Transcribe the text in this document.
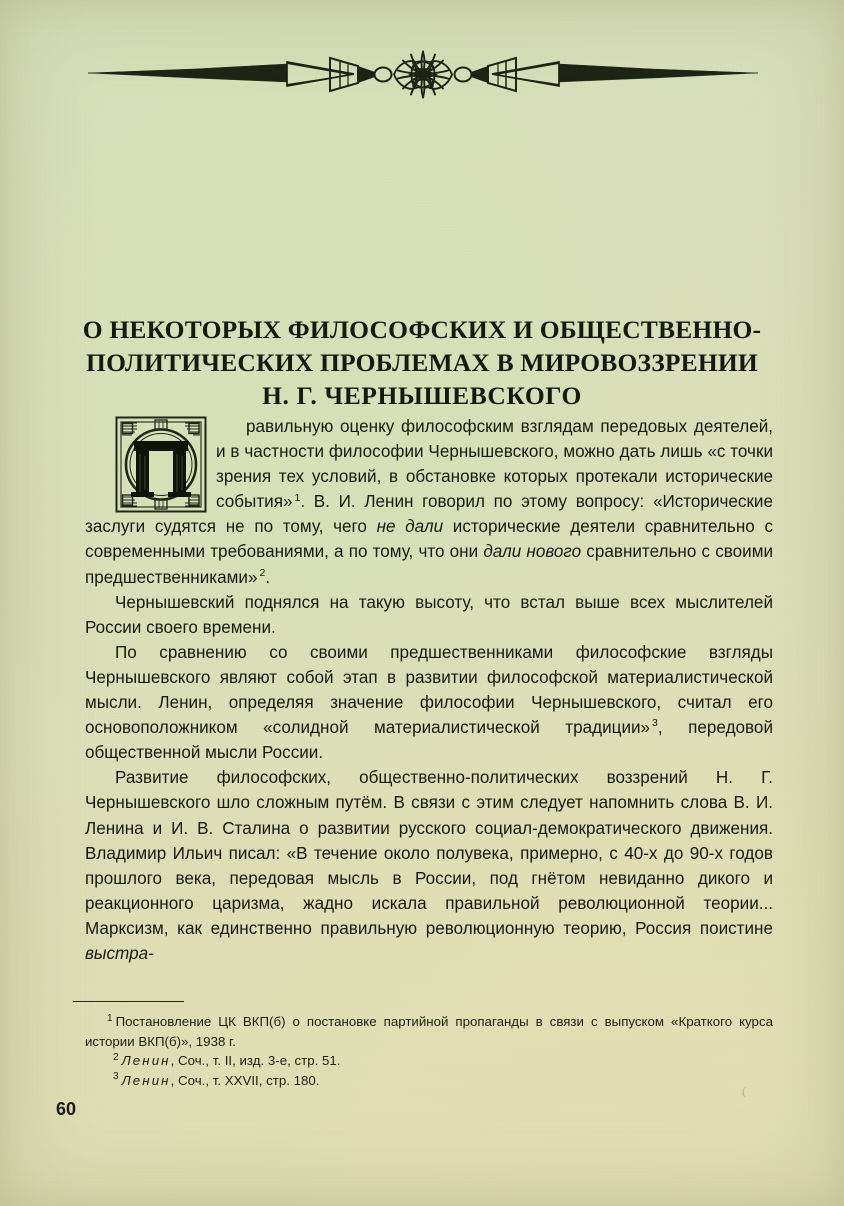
О НЕКОТОРЫХ ФИЛОСОФСКИХ И ОБЩЕСТВЕННО-
ПОЛИТИЧЕСКИХ ПРОБЛЕМАХ В МИРОВОЗЗРЕНИИ
Н. Г. ЧЕРНЫШЕВСКОГО

равильную оценку философским взглядам передовых деятелей, и в частности философии Чернышевского, можно дать лишь «с точки зрения тех условий, в обстановке которых протекали исторические события» $^1$. В. И. Ленин говорил по этому вопросу: «Исторические заслуги судятся не по тому, чего не дали исторические деятели сравнительно с современными требованиями, а по тому, что они дали нового сравнительно с своими предшественниками» $^2$.

Чернышевский поднялся на такую высоту, что встал выше всех мыслителей России своего времени.

По сравнению со своими предшественниками философские взгляды Чернышевского являют собой этап в развитии философской материалистической мысли. Ленин, определяя значение философии Чернышевского, считал его основоположником «солидной материалистической традиции» $^3$, передовой общественной мысли России.

Развитие философских, общественно-политических воззрений Н. Г. Чернышевского шло сложным путём. В связи с этим следует напомнить слова В. И. Ленина и И. В. Сталина о развитии русского социал-демократического движения. Владимир Ильич писал: «В течение около полувека, примерно, с 40-х до 90-х годов прошлого века, передовая мысль в России, под гнётом невиданно дикого и реакционного царизма, жадно искала правильной революционной теории... Марксизм, как единственно правильную революционную теорию, Россия поистине выстра-

$^1$ Постановление ЦК ВКП(б) о постановке партийной пропаганды в связи с выпуском «Краткого курса истории ВКП(б)», 1938 г.

$^2$ Ленин, Соч., т. II, изд. 3-е, стр. 51.

$^3$ Ленин, Соч., т. XXVII, стр. 180.

(
60
